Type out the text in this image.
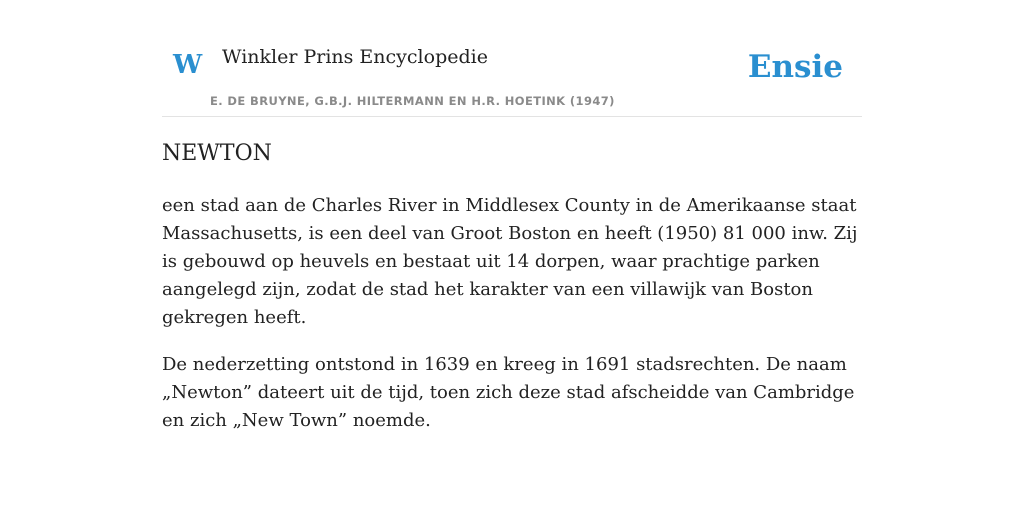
W Winkler Prins Encyclopedie
E. DE BRUYNE, G.B.J. HILTERMANN EN H.R. HOETINK (1947)
Ensie
NEWTON

een stad aan de Charles River in Middlesex County in de Amerikaanse staat Massachusetts, is een deel van Groot Boston en heeft (1950) 81 000 inw. Zij is gebouwd op heuvels en bestaat uit 14 dorpen, waar prachtige parken aangelegd zijn, zodat de stad het karakter van een villawijk van Boston gekregen heeft.

De nederzetting ontstond in 1639 en kreeg in 1691 stadsrechten. De naam „Newton” dateert uit de tijd, toen zich deze stad afscheidde van Cambridge en zich „New Town” noemde.
